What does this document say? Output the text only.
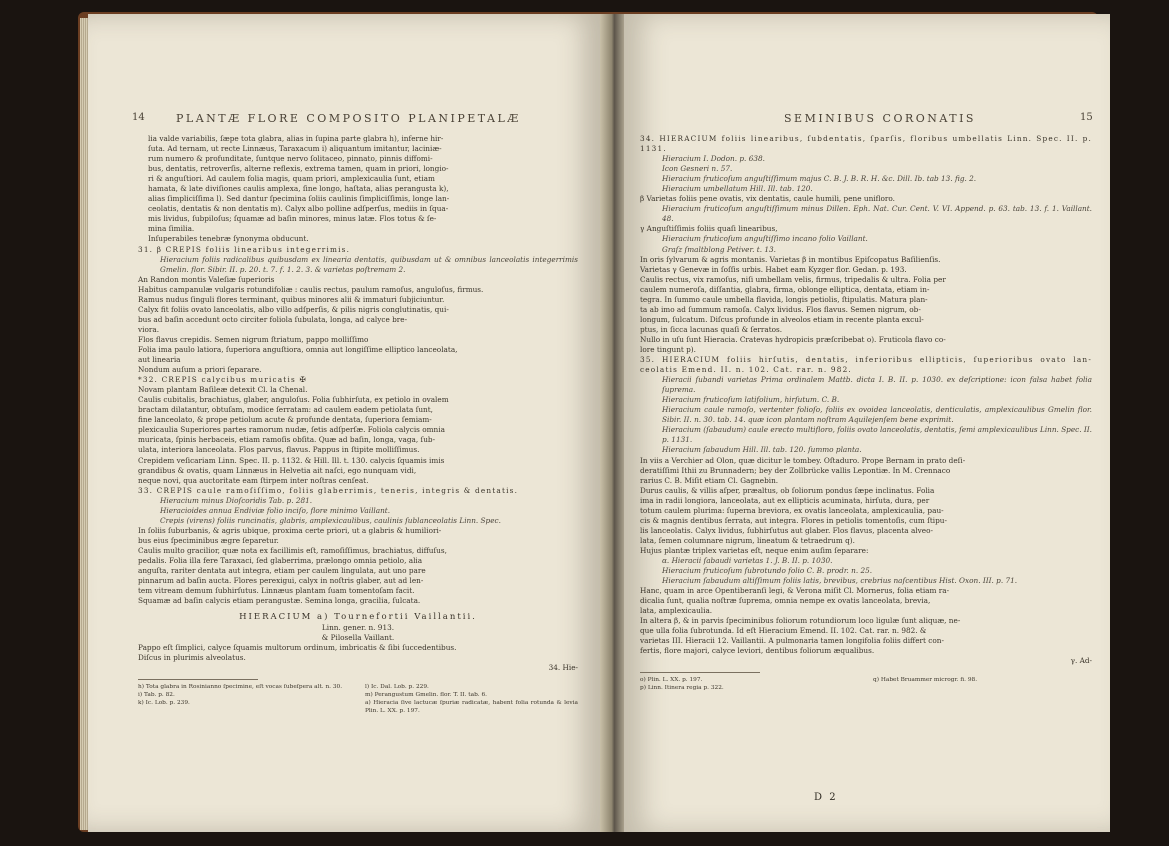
14	PLANTÆ FLORE COMPOSITO PLANIPETALÆ

lia valde variabilis, ſæpe tota glabra, alias in ſupina parte glabra h), inferne hir-

ſuta. Ad ternam, ut recte Linnæus, Taraxacum i) aliquantum imitantur, laciniæ-

rum numero & profunditate, ſuntque nervo ſolitaceo, pinnato, pinnis diffomi-

bus, dentatis, retroverſis, alterne reflexis, extrema tamen, quam in priori, longio-

ri & anguſtiori. Ad caulem folia magis, quam priori, amplexicaulia ſunt, etiam

hamata, & late diviſiones caulis amplexa, ſine longo, haſtata, alias perangusta k),

alias ſimpliciſſima l). Sed dantur ſpecimina ſoliis caulinis ſimpliciſſimis, longe lan-

ceolatis, dentatis & non dentatis m). Calyx albo polline adſperſus, mediis in ſqua-

mis lividus, ſubpiloſus; ſquamæ ad baſin minores, minus latæ. Flos totus & ſe-

mina ſimilia.

Inſuperabiles tenebræ ſynonyma obducunt.

31. β CREPIS foliis linearibus integerrimis.

Hieracium foliis radicalibus quibusdam ex linearia dentatis, quibusdam ut & omnibus lanceolatis integerrimis Gmelin. flor. Sibir. II. p. 20. t. 7. f. 1. 2. 3. & varietas poſtremam 2.

An Randon montis Valeſiæ ſuperioris

Habitus campanulæ vulgaris rotundifoliæ : caulis rectus, paulum ramoſus, anguloſus, firmus.

Ramus nudus ſinguli flores terminant, quibus minores alii & immaturi ſubjiciuntur.

Calyx fit foliis ovato lanceolatis, albo villo adſperſis, & pilis nigris conglutinatis, qui-

bus ad baſin accedunt octo circiter foliola ſubulata, longa, ad calyce bre-

viora.

Flos flavus crepidis. Semen nigrum ſtriatum, pappo molliſſimo

Folia ima paulo latiora, ſuperiora anguſtiora, omnia aut longiſſime elliptico lanceolata,

aut linearia

Nondum auſum a priori ſeparare.

*32. CREPIS calycibus muricatis ✠

Novam plantam Baſileæ detexit Cl. la Chenal.

Caulis cubitalis, brachiatus, glaber, anguloſus. Folia ſubhirſuta, ex petiolo in ovalem

bractam dilatantur, obtuſam, modice ſerratam: ad caulem eadem petiolata ſunt,

fine lanceolato, & prope petiolum acute & profunde dentata, ſuperiora ſemiam-

plexicaulia Superiores partes ramorum nudæ, ſetis adſperſæ. Foliola calycis omnia

muricata, ſpinis herbaceis, etiam ramoſis obſita. Quæ ad baſin, longa, vaga, ſub-

ulata, interiora lanceolata. Flos parvus, flavus. Pappus in ſtipite molliſſimus.

Crepidem veſicariam Linn. Spec. II. p. 1132. & Hill. Ill. t. 130. calycis ſquamis imis

grandibus & ovatis, quam Linnæus in Helvetia ait naſci, ego nunquam vidi,

neque novi, qua auctoritate eam ſtirpem inter noſtras cenſeat.

33. CREPIS caule ramoſiſſimo, foliis glaberrimis, teneris, integris & dentatis.

Hieracium minus Dioſcoridis Tab. p. 281.

Hieracioides annua Endiviæ folio inciſo, flore minimo Vaillant.

Crepis (virens) foliis runcinatis, glabris, amplexicaulibus, caulinis ſublanceolatis Linn. Spec.

In ſoliis ſuburbanis, & agris ubique, proxima certe priori, ut a glabris & humiliori-

bus eius ſpeciminibus ægre ſeparetur.

Caulis multo gracilior, quæ nota ex facillimis eſt, ramoſiſſimus, brachiatus, diffuſus,

pedalis. Folia illa fere Taraxaci, ſed glaberrima, prælongo omnia petiolo, alia

anguſta, rariter dentata aut integra, etiam per caulem lingulata, aut uno pare

pinnarum ad baſin aucta. Flores perexigui, calyx in noſtris glaber, aut ad len-

tem vitream demum ſubhirſutus. Linnæus plantam ſuam tomentoſam facit.

Squamæ ad baſin calycis etiam perangustæ. Semina longa, gracilia, ſulcata.

HIERACIUM a) Tournefortii Vaillantii.

Linn. gener. n. 913.

& Pilosella Vaillant.

Pappo eſt ſimplici, calyce ſquamis multorum ordinum, imbricatis & ſibi ſuccedentibus.

Diſcus in plurimis alveolatus.

34. Hie-

h) Tota glabra in Rosinianno ſpecimine, eſt vocas ſubeſpera alt. n. 30.

i) Tab. p. 82.

k) Ic. Lob. p. 239.

l) Ic. Dal. Lob. p. 229.

m) Perangustum Gmelin. flor. T. II. tab. 6.

a) Hieracia ſive lactucæ ſpuriæ radicatæ, habent folia rotunda & levia Plin. L. XX. p. 197.

SEMINIBUS CORONATIS	15

34. HIERACIUM foliis linearibus, ſubdentatis, ſparſis, floribus umbellatis Linn. Spec. II. p. 1131.

Hieracium I. Dodon. p. 638.

Icon Gesneri n. 57.

Hieracium fruticoſum anguſtiſſimum majus C. B. J. B. R. H. &c. Dill. Ib. tab 13. fig. 2.

Hieracium umbellatum Hill. Ill. tab. 120.

β Varietas foliis pene ovatis, vix dentatis, caule humili, pene unifloro.

Hieracium fruticoſum anguſtiſſimum minus Dillen. Eph. Nat. Cur. Cent. V. VI. Append. p. 63. tab. 13. f. 1. Vaillant. 48.

γ Anguſtiſſimis foliis quaſi linearibus,

Hieracium fruticoſum anguſtiſſimo incano folio Vaillant.

Graſz ſmaltblong Petiver. t. 13.

In oris ſylvarum & agris montanis. Varietas β in montibus Epiſcopatus Baſilienſis.

Varietas γ Genevæ in ſoſſis urbis. Habet eam Kyzger flor. Gedan. p. 193.

Caulis rectus, vix ramoſus, niſi umbellam velis, firmus, tripedalis & ultra. Folia per

caulem numeroſa, diſſantia, glabra, firma, oblonge elliptica, dentata, etiam in-

tegra. In ſummo caule umbella flavida, longis petiolis, ſtipulatis. Matura plan-

ta ab imo ad ſummum ramoſa. Calyx lividus. Flos flavus. Semen nigrum, ob-

longum, ſulcatum. Diſcus profunde in alveolos etiam in recente planta excul-

ptus, in ſicca lacunas quaſi & ſerratos.

Nullo in uſu ſunt Hieracia. Cratevas hydropicis præſcribebat o). Fruticola flavo co-

lore tingunt p).

35. HIERACIUM foliis hirſutis, dentatis, inferioribus ellipticis, ſuperioribus ovato lan-ceolatis Emend. II. n. 102. Cat. rar. n. 982.

Hieracii ſubandi varietas Prima ordinalem Mattb. dicta I. B. II. p. 1030. ex deſcriptione: icon falsa habet folia ſuprema.

Hieracium fruticoſum latifolium, hirſutum. C. B.

Hieracium caule ramoſo, vertenter folioſo, foliis ex ovoidea lanceolatis, denticulatis, amplexicaulibus Gmelin flor. Sibir. II. n. 30. tab. 14. quæ icon plantam noſtram Aquilejenſem bene exprimit.

Hieracium (ſabaudum) caule erecto multifloro, foliis ovato lanceolatis, dentatis, ſemi amplexicaulibus Linn. Spec. II. p. 1131.

Hieracium ſabaudum Hill. Ill. tab. 120. ſummo planta.

In viis a Verchier ad Olon, quæ dicitur le tombey. Oſtaduro. Prope Bernam in prato deſi-

deratiſſimi Ithii zu Brunnadern; bey der Zollbrücke vallis Lepontiæ. In M. Crennaco

rarius C. B. Miſit etiam Cl. Gagnebin.

Durus caulis, & villis aſper, præaltus, ob ſoliorum pondus ſæpe inclinatus. Folia

ima in radii longiora, lanceolata, aut ex ellipticis acuminata, hirſuta, dura, per

totum caulem plurima: ſuperna breviora, ex ovatis lanceolata, amplexicaulia, pau-

cis & magnis dentibus ſerrata, aut integra. Flores in petiolis tomentoſis, cum ſtipu-

lis lanceolatis. Calyx lividus, ſubhirſutus aut glaber. Flos flavus, placenta alveo-

lata, ſemen columnare nigrum, lineatum & tetraedrum q).

Hujus plantæ triplex varietas eſt, neque enim auſim ſeparare:

α. Hieracii ſabaudi varietas 1. J. B. II. p. 1030.

Hieracium fruticoſum ſubrotundo folio C. B. prodr. n. 25.

Hieracium ſabaudum altiſſimum foliis latis, brevibus, crebrius naſcentibus Hist. Oxon. III. p. 71.

Hanc, quam in arce Opentiberanſi legi, & Verona miſit Cl. Mornerus, folia etiam ra-

dicalia ſunt, qualia noſtræ ſuprema, omnia nempe ex ovatis lanceolata, brevia,

lata, amplexicaulia.

In altera β, & in parvis ſpeciminibus foliorum rotundiorum loco ligulæ ſunt aliquæ, ne-

que ulla folia ſubrotunda. Id eſt Hieracium Emend. II. 102. Cat. rar. n. 982. &

varietas III. Hieracii 12. Vaillantii. A pulmonaria tamen longifolia foliis differt con-

fertis, flore majori, calyce leviori, dentibus foliorum æqualibus.

γ. Ad-

o) Plin. L. XX. p. 197.

p) Linn. Itinera regia p. 322.

q) Habet Bruammer microgr. fi. 98.

D 2
